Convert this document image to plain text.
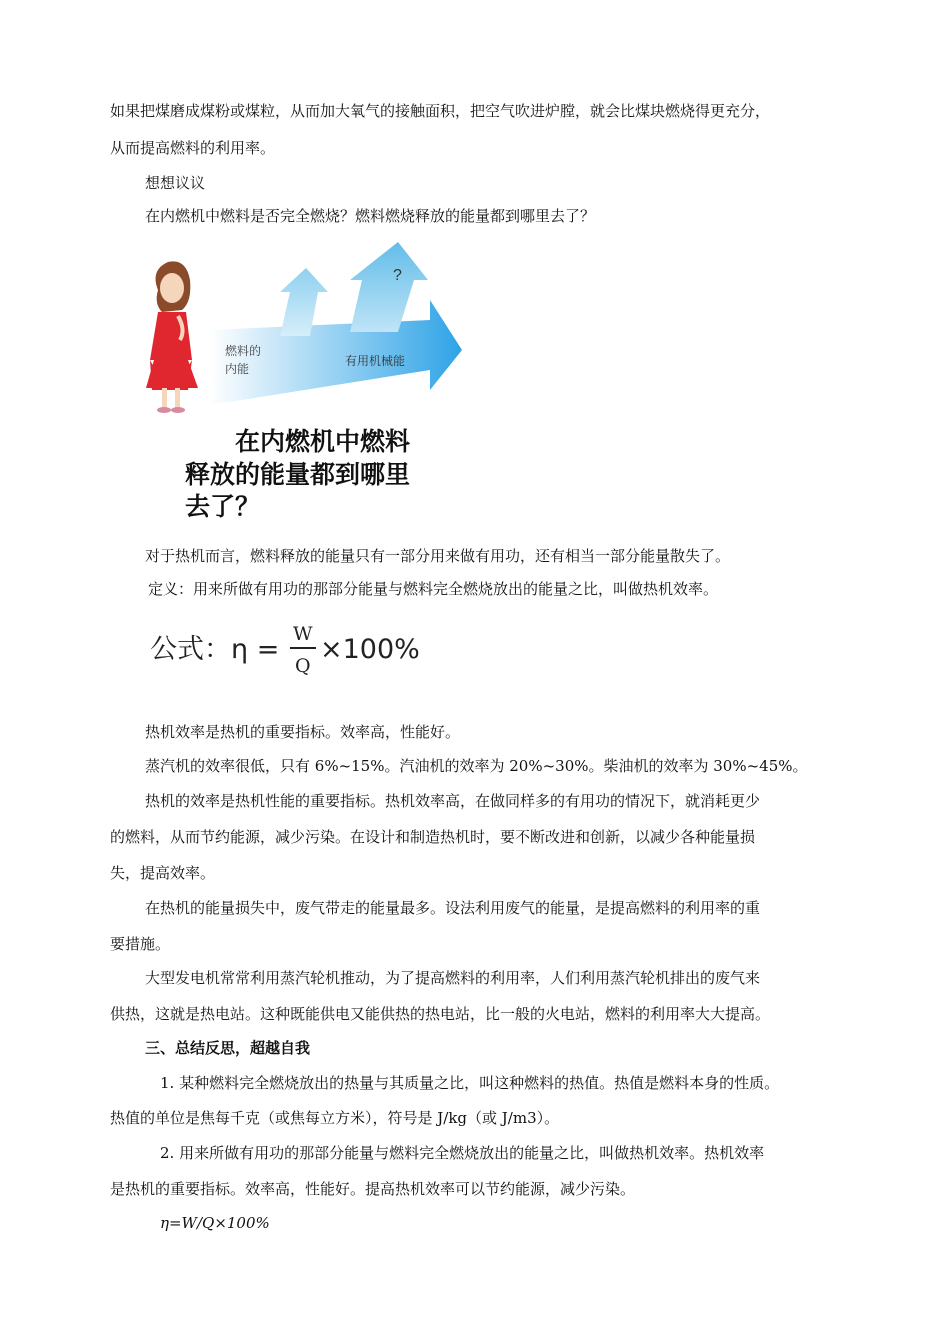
如果把煤磨成煤粉或煤粒，从而加大氧气的接触面积，把空气吹进炉膛，就会比煤块燃烧得更充分，
从而提高燃料的利用率。
想想议议
在内燃机中燃料是否完全燃烧？燃料燃烧释放的能量都到哪里去了？
?
燃料的
内能
有用机械能
在内燃机中燃料
释放的能量都到哪里
去了？
对于热机而言，燃料释放的能量只有一部分用来做有用功，还有相当一部分能量散失了。
定义：用来所做有用功的那部分能量与燃料完全燃烧放出的能量之比，叫做热机效率。
公式：η = W
Q
×100%
热机效率是热机的重要指标。效率高，性能好。
蒸汽机的效率很低，只有 6%~15%。汽油机的效率为 20%~30%。柴油机的效率为 30%~45%。
热机的效率是热机性能的重要指标。热机效率高，在做同样多的有用功的情况下，就消耗更少
的燃料，从而节约能源，减少污染。在设计和制造热机时，要不断改进和创新，以减少各种能量损
失，提高效率。
在热机的能量损失中，废气带走的能量最多。设法利用废气的能量，是提高燃料的利用率的重
要措施。
大型发电机常常利用蒸汽轮机推动，为了提高燃料的利用率，人们利用蒸汽轮机排出的废气来
供热，这就是热电站。这种既能供电又能供热的热电站，比一般的火电站，燃料的利用率大大提高。
三、总结反思，超越自我
1. 某种燃料完全燃烧放出的热量与其质量之比，叫这种燃料的热值。热值是燃料本身的性质。
热值的单位是焦每千克（或焦每立方米），符号是 J/kg（或 J/m3）。
2. 用来所做有用功的那部分能量与燃料完全燃烧放出的能量之比，叫做热机效率。热机效率
是热机的重要指标。效率高，性能好。提高热机效率可以节约能源，减少污染。
η=W/Q×100%
